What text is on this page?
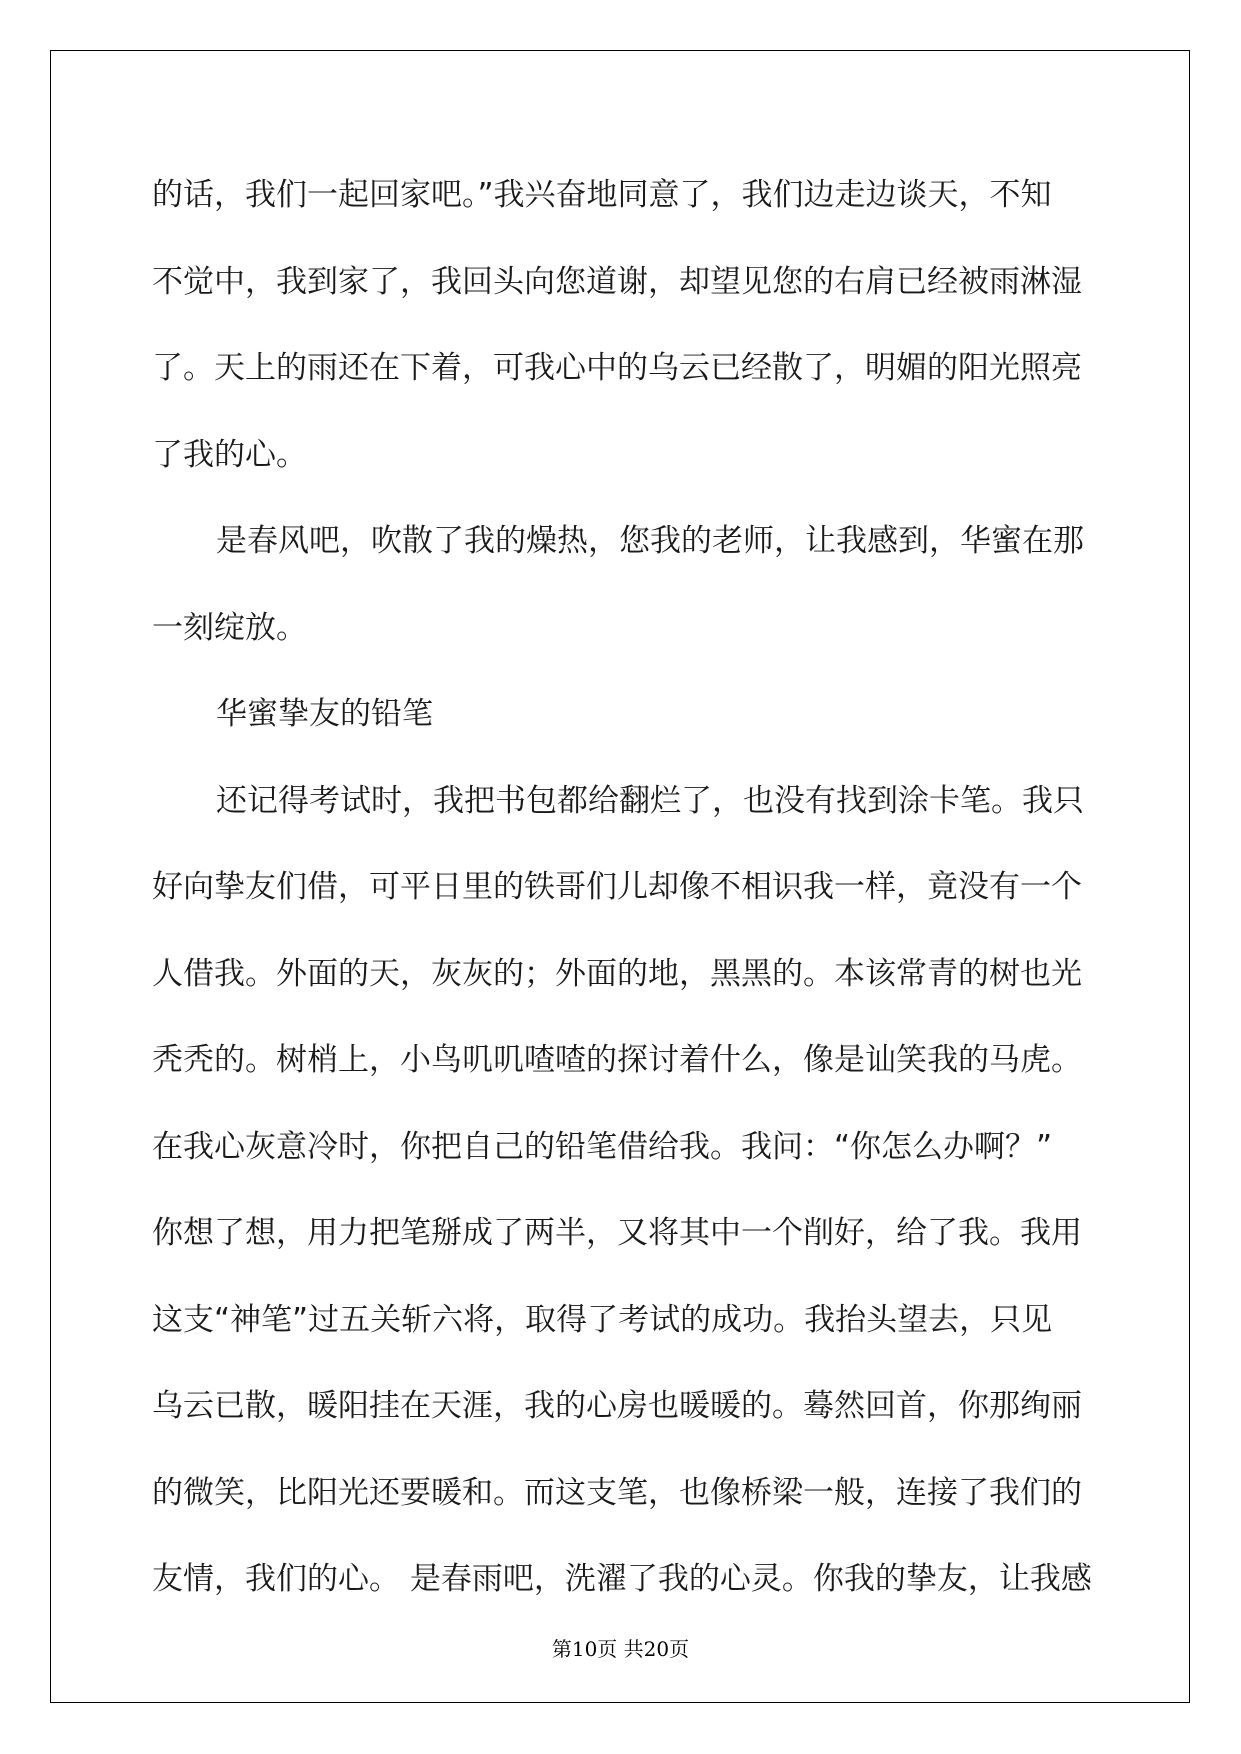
的话，我们一起回家吧。”我兴奋地同意了，我们边走边谈天，不知
不觉中，我到家了，我回头向您道谢，却望见您的右肩已经被雨淋湿
了。天上的雨还在下着，可我心中的乌云已经散了，明媚的阳光照亮
了我的心。
是春风吧，吹散了我的燥热，您我的老师，让我感到，华蜜在那
一刻绽放。
华蜜挚友的铅笔
还记得考试时，我把书包都给翻烂了，也没有找到涂卡笔。我只
好向挚友们借，可平日里的铁哥们儿却像不相识我一样，竟没有一个
人借我。外面的天，灰灰的；外面的地，黑黑的。本该常青的树也光
秃秃的。树梢上，小鸟叽叽喳喳的探讨着什么，像是讪笑我的马虎。
在我心灰意冷时，你把自己的铅笔借给我。我问：“你怎么办啊？”
你想了想，用力把笔掰成了两半，又将其中一个削好，给了我。我用
这支“神笔”过五关斩六将，取得了考试的成功。我抬头望去，只见
乌云已散，暖阳挂在天涯，我的心房也暖暖的。蓦然回首，你那绚丽
的微笑，比阳光还要暖和。而这支笔，也像桥梁一般，连接了我们的
友情，我们的心。 是春雨吧，洗濯了我的心灵。你我的挚友，让我感
第10页 共20页
